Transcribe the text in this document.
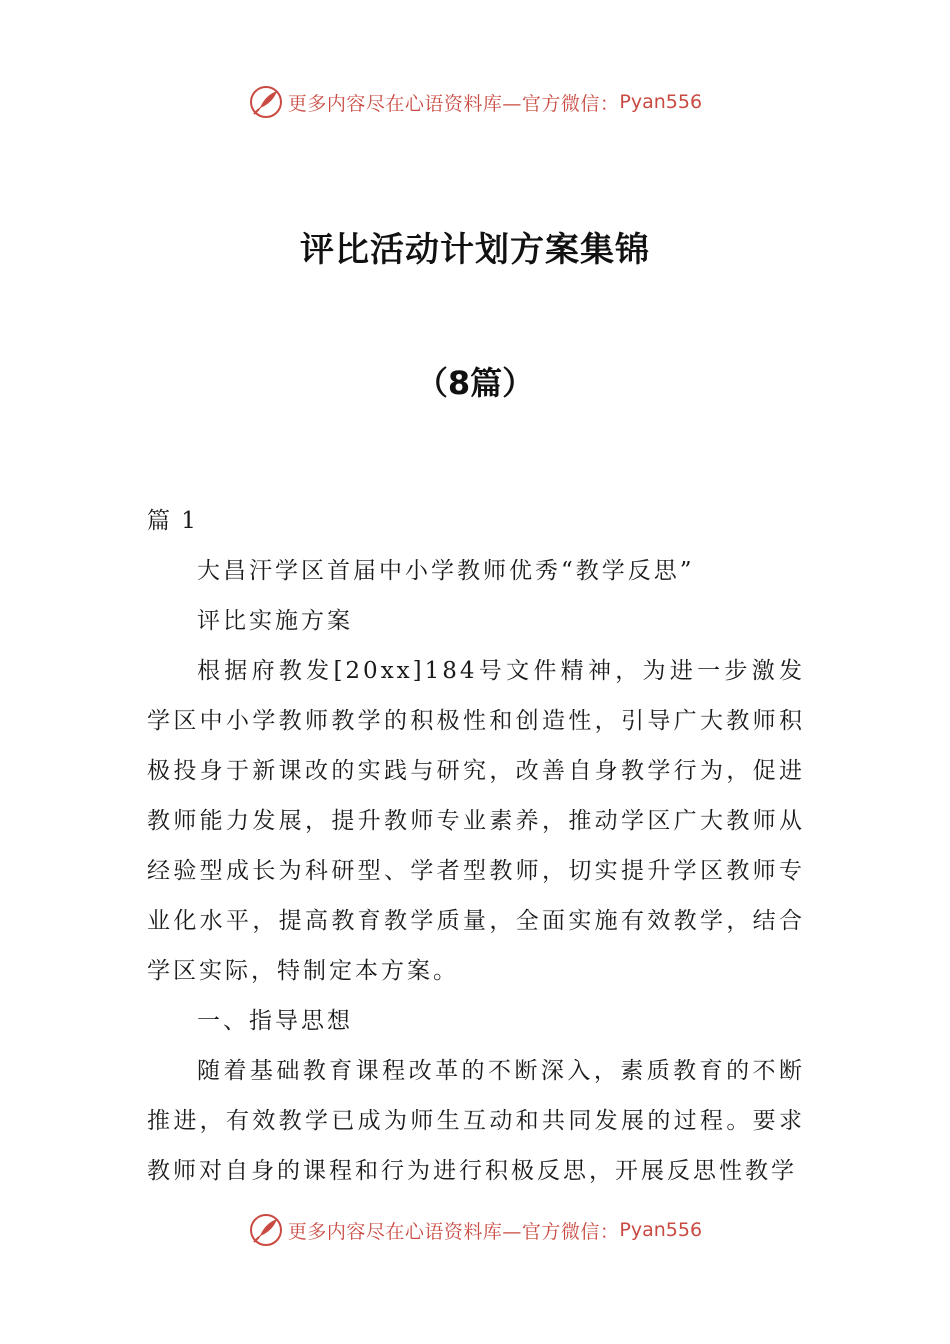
更多内容尽在心语资料库—官方微信： Pyan556
评比活动计划方案集锦
（8篇）

篇 1

大昌汗学区首届中小学教师优秀“教学反思”

评比实施方案

根据府教发[20xx]184号文件精神，为进一步激发学区中小学教师教学的积极性和创造性，引导广大教师积极投身于新课改的实践与研究，改善自身教学行为，促进教师能力发展，提升教师专业素养，推动学区广大教师从经验型成长为科研型、学者型教师，切实提升学区教师专业化水平，提高教育教学质量，全面实施有效教学，结合学区实际，特制定本方案。

一、指导思想

随着基础教育课程改革的不断深入，素质教育的不断推进，有效教学已成为师生互动和共同发展的过程。要求教师对自身的课程和行为进行积极反思，开展反思性教学

更多内容尽在心语资料库—官方微信： Pyan556
